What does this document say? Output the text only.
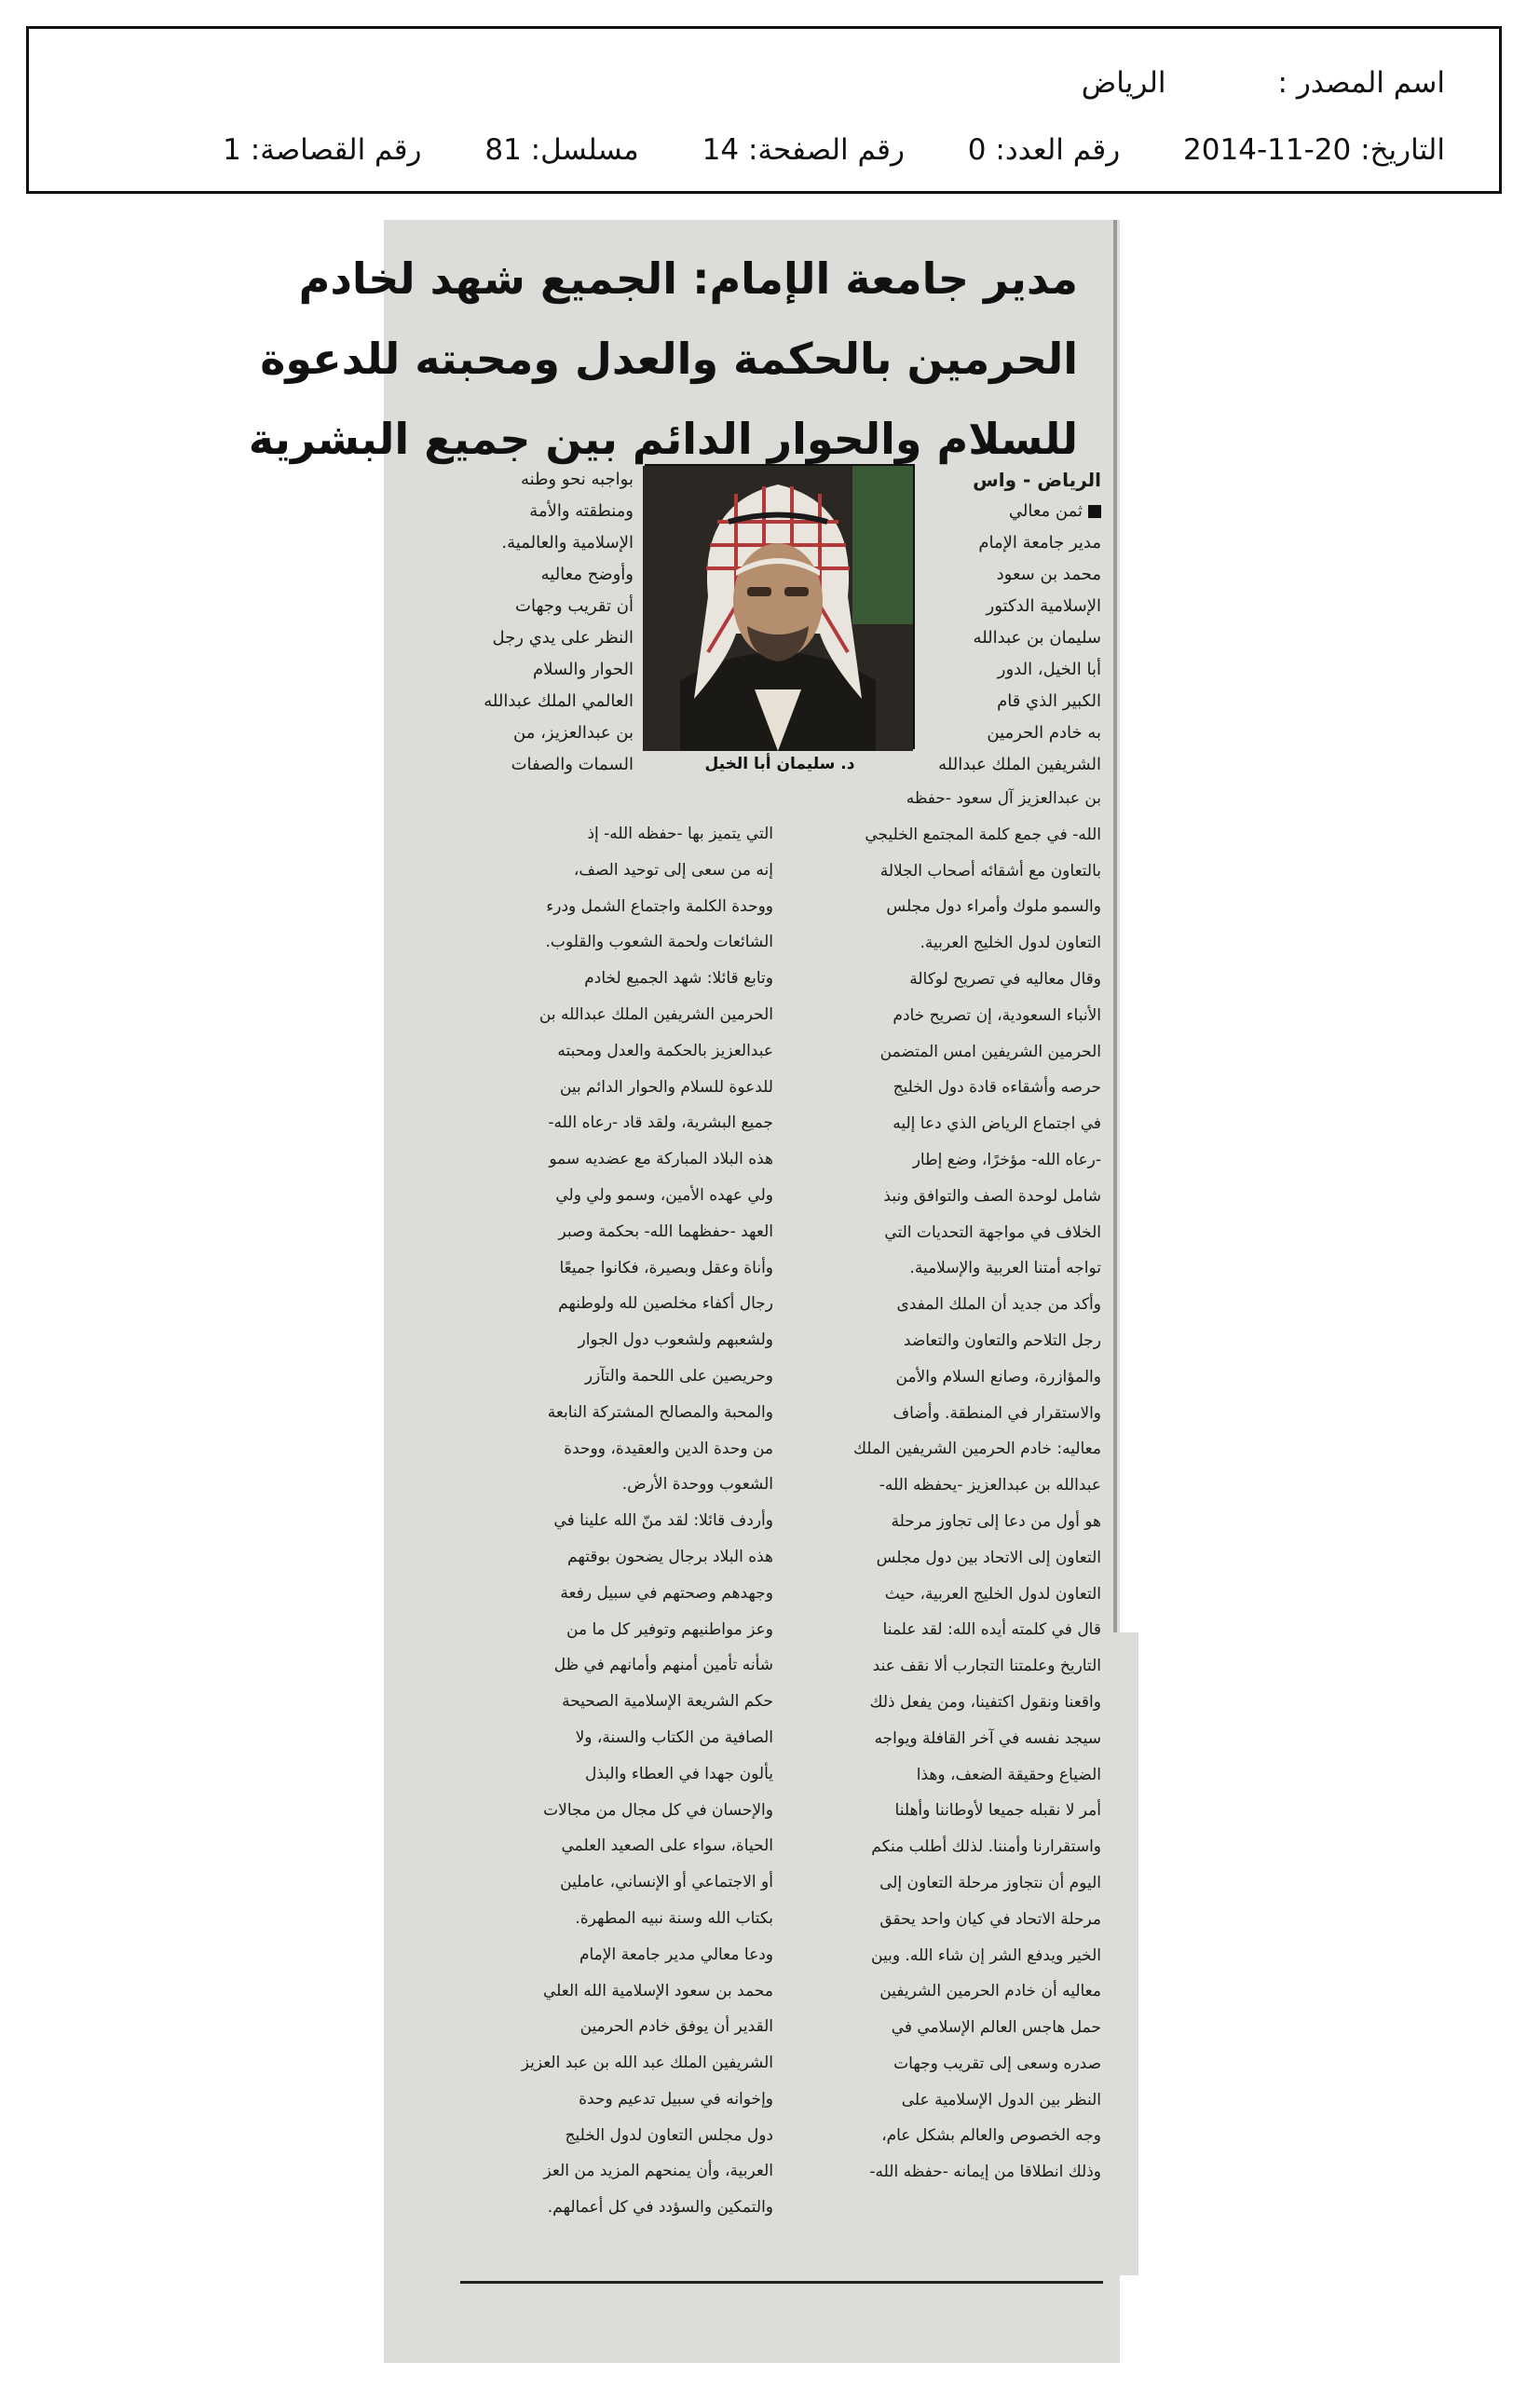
اسم المصدر :الرياض
التاريخ: 2014-11-20 رقم العدد: 0 رقم الصفحة: 14 مسلسل: 81 رقم القصاصة: 1
مدير جامعة الإمام: الجميع شهد لخادم
الحرمين بالحكمة والعدل ومحبته للدعوة
للسلام والحوار الدائم بين جميع البشرية
د. سليمان أبا الخيل
الرياض - واس
ثمن معالي
مدير جامعة الإمام
محمد بن سعود
الإسلامية الدكتور
سليمان بن عبدالله
أبا الخيل، الدور
الكبير الذي قام
به خادم الحرمين
الشريفين الملك عبدالله
بواجبه نحو وطنه
ومنطقته والأمة
الإسلامية والعالمية.
وأوضح معاليه
أن تقريب وجهات
النظر على يدي رجل
الحوار والسلام
العالمي الملك عبدالله
بن عبدالعزيز، من
السمات والصفات
بن عبدالعزيز آل سعود -حفظه
الله- في جمع كلمة المجتمع الخليجي
بالتعاون مع أشقائه أصحاب الجلالة
والسمو ملوك وأمراء دول مجلس
التعاون لدول الخليج العربية.
وقال معاليه في تصريح لوكالة
الأنباء السعودية، إن تصريح خادم
الحرمين الشريفين امس المتضمن
حرصه وأشقاءه قادة دول الخليج
في اجتماع الرياض الذي دعا إليه
-رعاه الله- مؤخرًا، وضع إطار
شامل لوحدة الصف والتوافق ونبذ
الخلاف في مواجهة التحديات التي
تواجه أمتنا العربية والإسلامية.
وأكد من جديد أن الملك المفدى
رجل التلاحم والتعاون والتعاضد
والمؤازرة، وصانع السلام والأمن
والاستقرار في المنطقة. وأضاف
معاليه: خادم الحرمين الشريفين الملك
عبدالله بن عبدالعزيز -يحفظه الله-
هو أول من دعا إلى تجاوز مرحلة
التعاون إلى الاتحاد بين دول مجلس
التعاون لدول الخليج العربية، حيث
قال في كلمته أيده الله: لقد علمنا
التاريخ وعلمتنا التجارب ألا نقف عند
واقعنا ونقول اكتفينا، ومن يفعل ذلك
سيجد نفسه في آخر القافلة ويواجه
الضياع وحقيقة الضعف، وهذا
أمر لا نقبله جميعا لأوطاننا وأهلنا
واستقرارنا وأمننا. لذلك أطلب منكم
اليوم أن نتجاوز مرحلة التعاون إلى
مرحلة الاتحاد في كيان واحد يحقق
الخير ويدفع الشر إن شاء الله. وبين
معاليه أن خادم الحرمين الشريفين
حمل هاجس العالم الإسلامي في
صدره وسعى إلى تقريب وجهات
النظر بين الدول الإسلامية على
وجه الخصوص والعالم بشكل عام،
وذلك انطلاقا من إيمانه -حفظه الله-
التي يتميز بها -حفظه الله- إذ
إنه من سعى إلى توحيد الصف،
ووحدة الكلمة واجتماع الشمل ودرء
الشائعات ولحمة الشعوب والقلوب.
وتابع قائلا: شهد الجميع لخادم
الحرمين الشريفين الملك عبدالله بن
عبدالعزيز بالحكمة والعدل ومحبته
للدعوة للسلام والحوار الدائم بين
جميع البشرية، ولقد قاد -رعاه الله-
هذه البلاد المباركة مع عضديه سمو
ولي عهده الأمين، وسمو ولي ولي
العهد -حفظهما الله- بحكمة وصبر
وأناة وعقل وبصيرة، فكانوا جميعًا
رجال أكفاء مخلصين لله ولوطنهم
ولشعبهم ولشعوب دول الجوار
وحريصين على اللحمة والتآزر
والمحبة والمصالح المشتركة النابعة
من وحدة الدين والعقيدة، ووحدة
الشعوب ووحدة الأرض.
وأردف قائلا: لقد منّ الله علينا في
هذه البلاد برجال يضحون بوقتهم
وجهدهم وصحتهم في سبيل رفعة
وعز مواطنيهم وتوفير كل ما من
شأنه تأمين أمنهم وأمانهم في ظل
حكم الشريعة الإسلامية الصحيحة
الصافية من الكتاب والسنة، ولا
يألون جهدا في العطاء والبذل
والإحسان في كل مجال من مجالات
الحياة، سواء على الصعيد العلمي
أو الاجتماعي أو الإنساني، عاملين
بكتاب الله وسنة نبيه المطهرة.
ودعا معالي مدير جامعة الإمام
محمد بن سعود الإسلامية الله العلي
القدير أن يوفق خادم الحرمين
الشريفين الملك عبد الله بن عبد العزيز
وإخوانه في سبيل تدعيم وحدة
دول مجلس التعاون لدول الخليج
العربية، وأن يمنحهم المزيد من العز
والتمكين والسؤدد في كل أعمالهم.
